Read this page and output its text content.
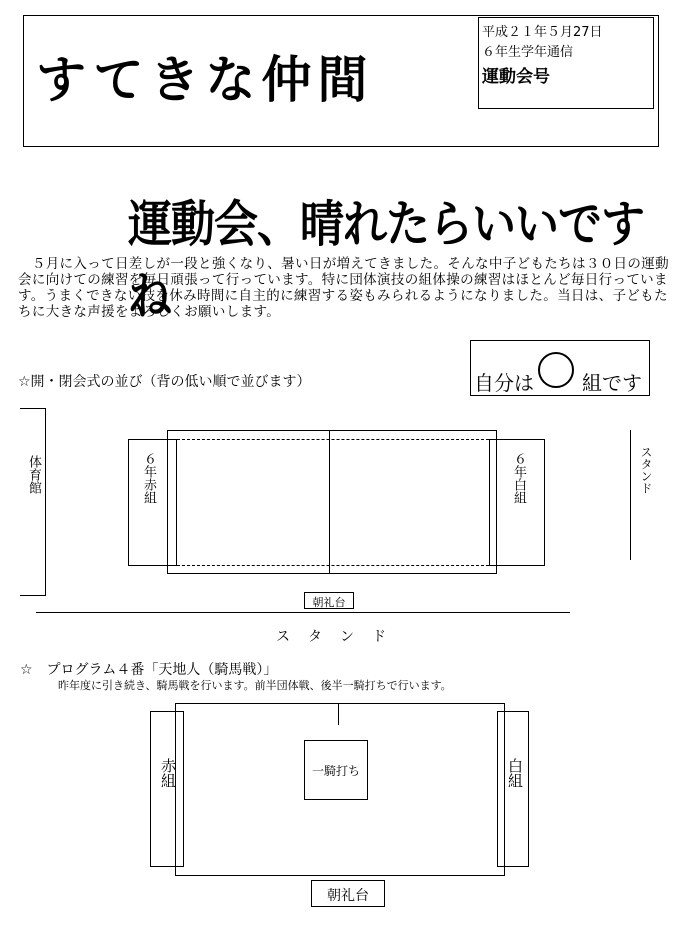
すてきな仲間
平成２１年５月27日
６年生学年通信
運動会号
運動会、晴れたらいいですね
　５月に入って日差しが一段と強くなり、暑い日が増えてきました。そんな中子どもたちは３０日の運動会に向けての練習を毎日頑張って行っています。特に団体演技の組体操の練習はほとんど毎日行っています。うまくできない技を休み時間に自主的に練習する姿もみられるようになりました。当日は、子どもたちに大きな声援をよろしくお願いします。
自分は 組です
☆開・閉会式の並び（背の低い順で並びます）
体育館	６年赤組	６年白組	スタンド
朝礼台
ス　タ　ン　ド
☆　プログラム４番「天地人（騎馬戦）」
昨年度に引き続き、騎馬戦を行います。前半団体戦、後半一騎打ちで行います。
赤組	白組
一騎打ち
朝礼台
